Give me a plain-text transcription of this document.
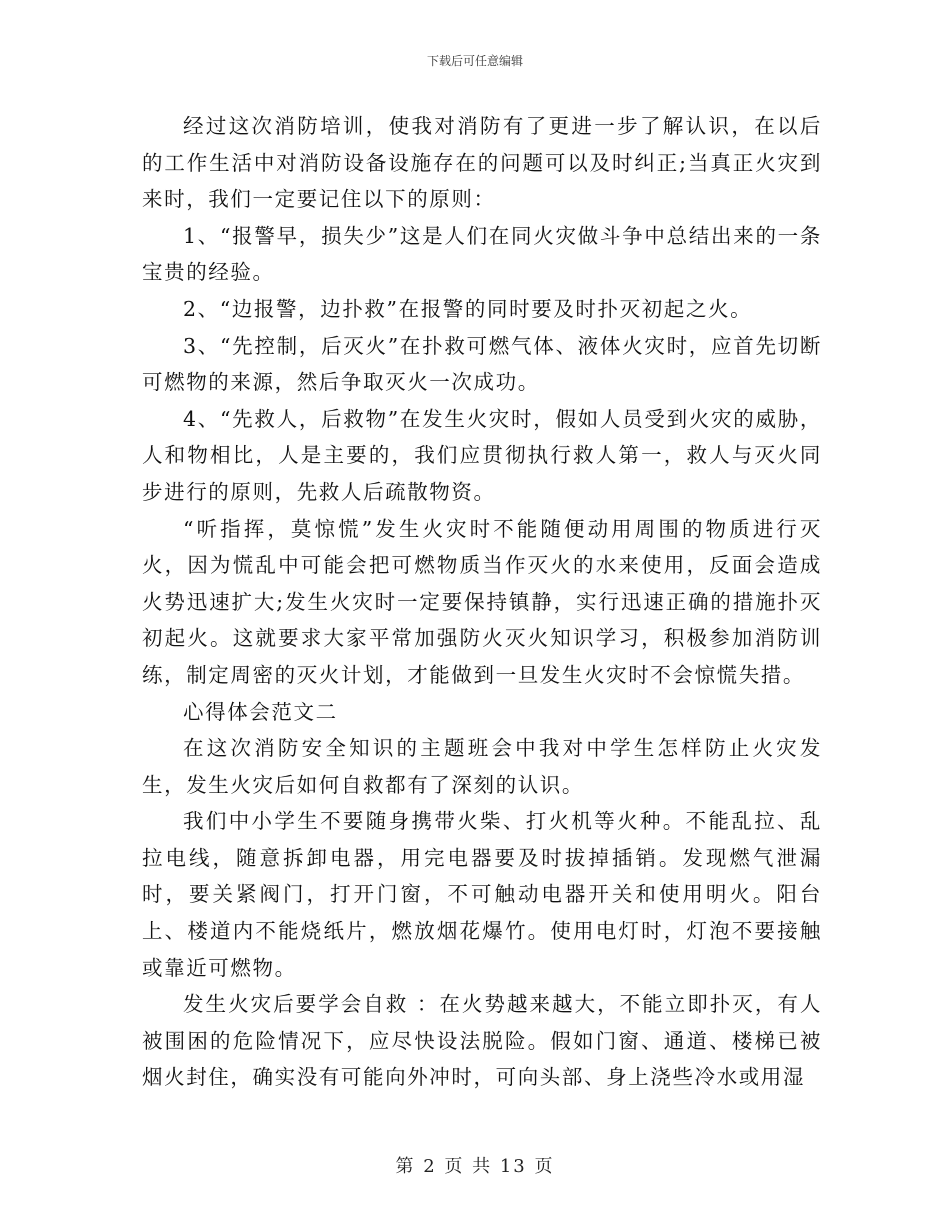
下载后可任意编辑

经过这次消防培训，使我对消防有了更进一步了解认识，在以后的工作生活中对消防设备设施存在的问题可以及时纠正;当真正火灾到来时，我们一定要记住以下的原则：

1、“报警早，损失少”这是人们在同火灾做斗争中总结出来的一条宝贵的经验。

2、“边报警，边扑救”在报警的同时要及时扑灭初起之火。

3、“先控制，后灭火”在扑救可燃气体、液体火灾时，应首先切断可燃物的来源，然后争取灭火一次成功。

4、“先救人，后救物”在发生火灾时，假如人员受到火灾的威胁，人和物相比，人是主要的，我们应贯彻执行救人第一，救人与灭火同步进行的原则，先救人后疏散物资。

“听指挥，莫惊慌”发生火灾时不能随便动用周围的物质进行灭火，因为慌乱中可能会把可燃物质当作灭火的水来使用，反面会造成火势迅速扩大;发生火灾时一定要保持镇静，实行迅速正确的措施扑灭初起火。这就要求大家平常加强防火灭火知识学习，积极参加消防训练，制定周密的灭火计划，才能做到一旦发生火灾时不会惊慌失措。

心得体会范文二

在这次消防安全知识的主题班会中我对中学生怎样防止火灾发生，发生火灾后如何自救都有了深刻的认识。

我们中小学生不要随身携带火柴、打火机等火种。不能乱拉、乱拉电线，随意拆卸电器，用完电器要及时拔掉插销。发现燃气泄漏时，要关紧阀门，打开门窗，不可触动电器开关和使用明火。阳台上、楼道内不能烧纸片，燃放烟花爆竹。使用电灯时，灯泡不要接触或靠近可燃物。

发生火灾后要学会自救 ：在火势越来越大，不能立即扑灭，有人被围困的危险情况下，应尽快设法脱险。假如门窗、通道、楼梯已被烟火封住，确实没有可能向外冲时，可向头部、身上浇些冷水或用湿

第 2 页 共 13 页
